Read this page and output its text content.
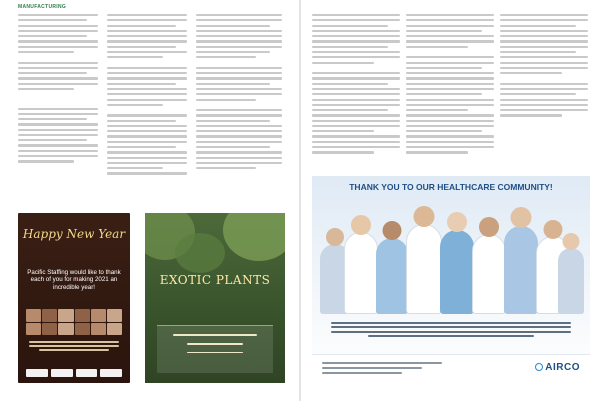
MANUFACTURING

Happy New Year

Pacific Staffing would like to thank each of you for making 2021 an incredible year!
EXOTIC PLANTS
THANK YOU TO OUR HEALTHCARE COMMUNITY!
AIRCO
